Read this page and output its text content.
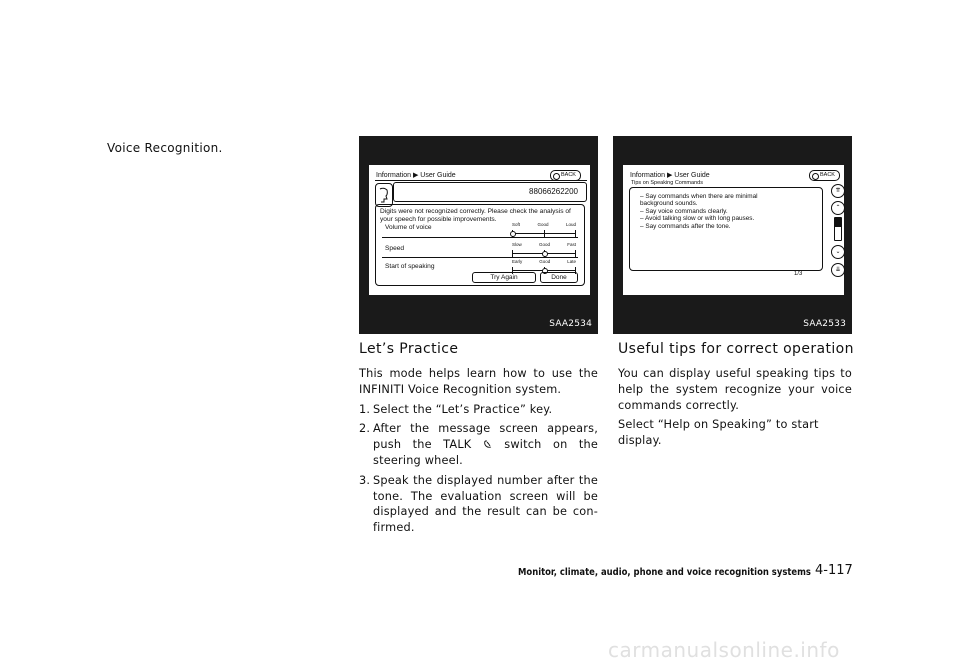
Voice Recognition.
Information ▶ User Guide	BACK
88066262200
Digits were not recognized correctly. Please check the analysis of your speech for possible improvements.
Volume of voice	Soft	Good	Loud
Speed
Slow	Good	Fast
Start of speaking
Early	Good	Late
Try Again	Done
SAA2534
Information ▶ User Guide	BACK
Tips on Speaking Commands
– Say commands when there are minimal
background sounds.
– Say voice commands clearly.
– Avoid talking slow or with long pauses.
– Say commands after the tone.
1/3
⇈
⌃
⌄
⇊
SAA2533
Let’s Practice

This mode helps learn how to use the INFINITI Voice Recognition system.

1. Select the “Let’s Practice” key.
2. After the message screen appears, push the TALK  switch on the steering wheel.
3. Speak the displayed number after the tone. The evaluation screen will be displayed and the result can be con-firmed.
Useful tips for correct operation

You can display useful speaking tips to help the system recognize your voice commands correctly.

Select “Help on Speaking” to start display.

Monitor, climate, audio, phone and voice recognition systems 4-117
carmanualsonline.info
